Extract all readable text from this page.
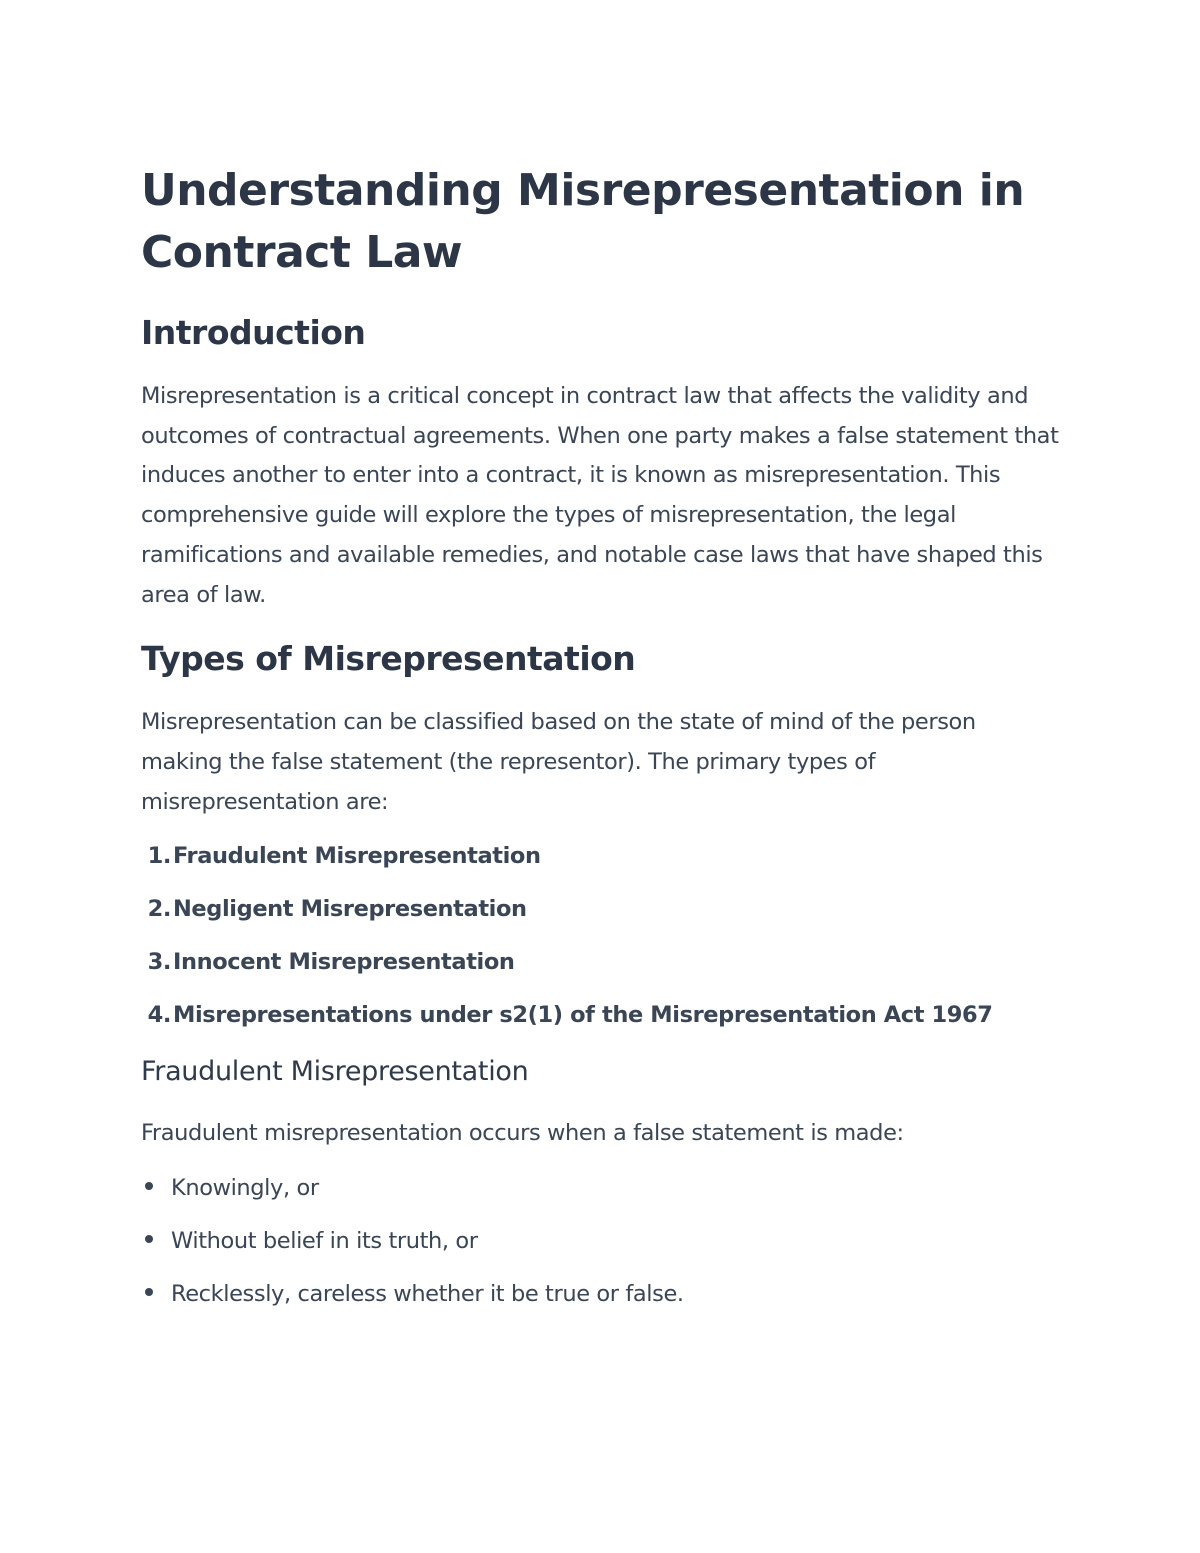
Understanding Misrepresentation in Contract Law
Introduction

Misrepresentation is a critical concept in contract law that affects the validity and outcomes of contractual agreements. When one party makes a false statement that induces another to enter into a contract, it is known as misrepresentation. This comprehensive guide will explore the types of misrepresentation, the legal ramifications and available remedies, and notable case laws that have shaped this area of law.

Types of Misrepresentation

Misrepresentation can be classified based on the state of mind of the person making the false statement (the representor). The primary types of misrepresentation are:

1. Fraudulent Misrepresentation
2. Negligent Misrepresentation
3. Innocent Misrepresentation
4. Misrepresentations under s2(1) of the Misrepresentation Act 1967
Fraudulent Misrepresentation

Fraudulent misrepresentation occurs when a false statement is made:

Knowingly, or
Without belief in its truth, or
Recklessly, careless whether it be true or false.
